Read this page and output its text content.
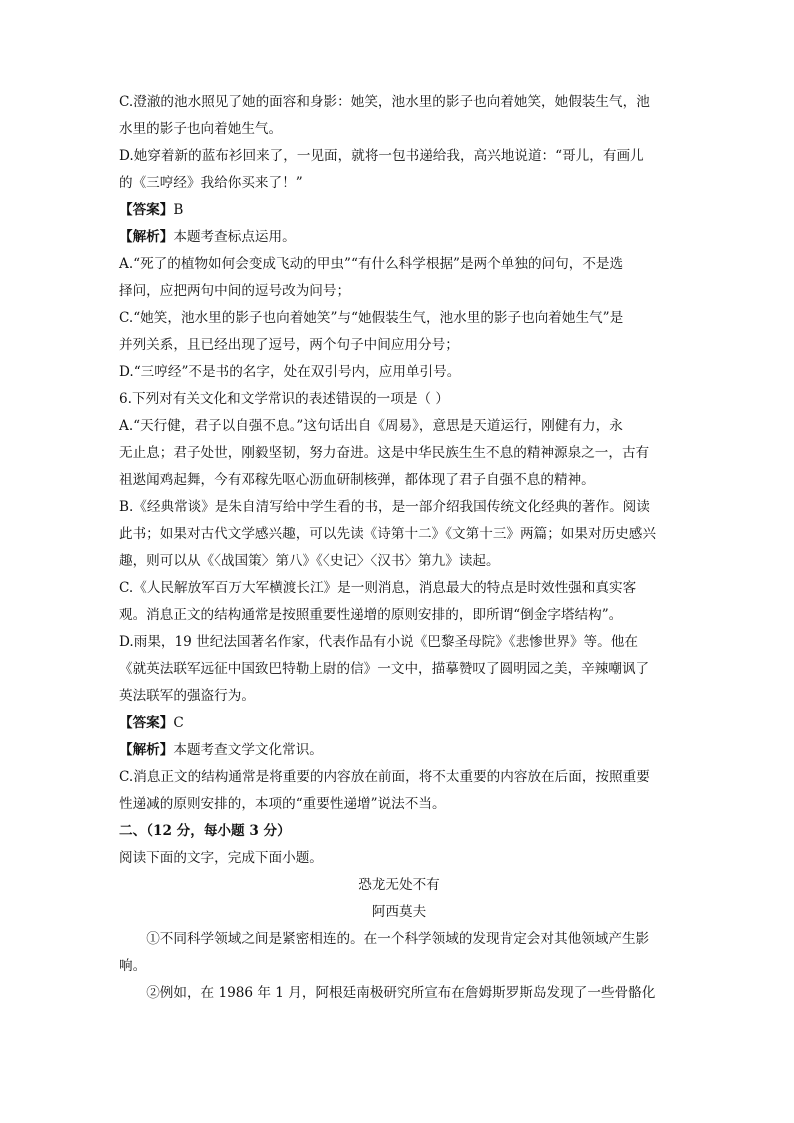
C.澄澈的池水照见了她的面容和身影：她笑，池水里的影子也向着她笑，她假装生气，池
水里的影子也向着她生气。

D.她穿着新的蓝布衫回来了，一见面，就将一包书递给我，高兴地说道：“哥儿，有画儿
的《三哼经》我给你买来了！”

【答案】B

【解析】本题考查标点运用。

A.“死了的植物如何会变成飞动的甲虫”“有什么科学根据”是两个单独的问句，不是选
择问，应把两句中间的逗号改为问号；
C.“她笑，池水里的影子也向着她笑”与“她假装生气，池水里的影子也向着她生气”是
并列关系，且已经出现了逗号，两个句子中间应用分号；
D.“三哼经”不是书的名字，处在双引号内，应用单引号。

6.下列对有关文化和文学常识的表述错误的一项是（ ）

A.“天行健，君子以自强不息。”这句话出自《周易》，意思是天道运行，刚健有力，永
无止息；君子处世，刚毅坚韧，努力奋进。这是中华民族生生不息的精神源泉之一，古有
祖逖闻鸡起舞，今有邓稼先呕心沥血研制核弹，都体现了君子自强不息的精神。

B.《经典常谈》是朱自清写给中学生看的书，是一部介绍我国传统文化经典的著作。阅读
此书；如果对古代文学感兴趣，可以先读《诗第十二》《文第十三》两篇；如果对历史感兴
趣，则可以从《〈战国策〉第八》《〈史记〉〈汉书〉第九》读起。

C.《人民解放军百万大军横渡长江》是一则消息，消息最大的特点是时效性强和真实客
观。消息正文的结构通常是按照重要性递增的原则安排的，即所谓“倒金字塔结构”。

D.雨果，19 世纪法国著名作家，代表作品有小说《巴黎圣母院》《悲惨世界》等。他在
《就英法联军远征中国致巴特勒上尉的信》一文中，描摹赞叹了圆明园之美，辛辣嘲讽了
英法联军的强盗行为。

【答案】C

【解析】本题考查文学文化常识。

C.消息正文的结构通常是将重要的内容放在前面，将不太重要的内容放在后面，按照重要
性递减的原则安排的，本项的“重要性递增”说法不当。

二、（12 分，每小题 3 分）

阅读下面的文字，完成下面小题。

恐龙无处不有

阿西莫夫

①不同科学领域之间是紧密相连的。在一个科学领域的发现肯定会对其他领域产生影
响。

②例如，在 1986 年 1 月，阿根廷南极研究所宣布在詹姆斯罗斯岛发现了一些骨骼化
